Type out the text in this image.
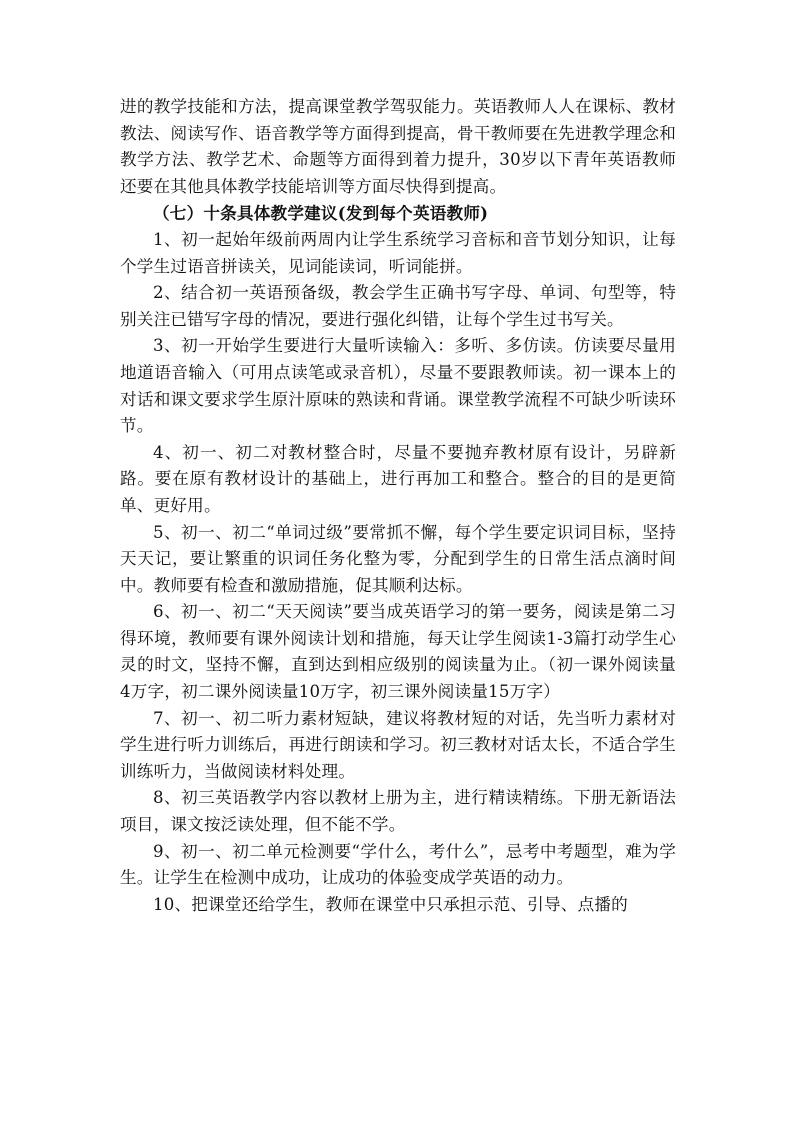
进的教学技能和方法，提高课堂教学驾驭能力。英语教师人人在课标、教材教法、阅读写作、语音教学等方面得到提高，骨干教师要在先进教学理念和教学方法、教学艺术、命题等方面得到着力提升，30岁以下青年英语教师还要在其他具体教学技能培训等方面尽快得到提高。

（七）十条具体教学建议(发到每个英语教师)

1、初一起始年级前两周内让学生系统学习音标和音节划分知识，让每个学生过语音拼读关，见词能读词，听词能拼。

2、结合初一英语预备级，教会学生正确书写字母、单词、句型等，特别关注已错写字母的情况，要进行强化纠错，让每个学生过书写关。

3、初一开始学生要进行大量听读输入：多听、多仿读。仿读要尽量用地道语音输入（可用点读笔或录音机），尽量不要跟教师读。初一课本上的对话和课文要求学生原汁原味的熟读和背诵。课堂教学流程不可缺少听读环节。

4、初一、初二对教材整合时，尽量不要抛弃教材原有设计，另辟新路。要在原有教材设计的基础上，进行再加工和整合。整合的目的是更简单、更好用。

5、初一、初二“单词过级”要常抓不懈，每个学生要定识词目标，坚持天天记，要让繁重的识词任务化整为零，分配到学生的日常生活点滴时间中。教师要有检查和激励措施，促其顺利达标。

6、初一、初二“天天阅读”要当成英语学习的第一要务，阅读是第二习得环境，教师要有课外阅读计划和措施，每天让学生阅读1-3篇打动学生心灵的时文，坚持不懈，直到达到相应级别的阅读量为止。（初一课外阅读量4万字，初二课外阅读量10万字，初三课外阅读量15万字）

7、初一、初二听力素材短缺，建议将教材短的对话，先当听力素材对学生进行听力训练后，再进行朗读和学习。初三教材对话太长，不适合学生训练听力，当做阅读材料处理。

8、初三英语教学内容以教材上册为主，进行精读精练。下册无新语法项目，课文按泛读处理，但不能不学。

9、初一、初二单元检测要“学什么，考什么”，忌考中考题型，难为学生。让学生在检测中成功，让成功的体验变成学英语的动力。

10、把课堂还给学生，教师在课堂中只承担示范、引导、点播的
